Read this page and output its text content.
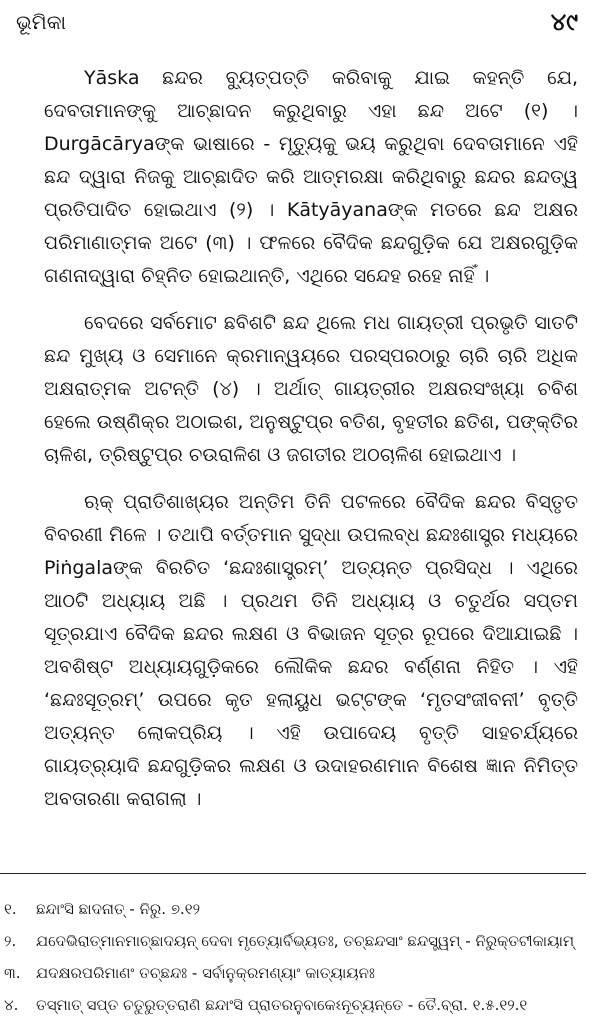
ଭୂମିକା	୪୯

Yāska ଛନ୍ଦର ବ୍ୟୁତ୍ପତ୍ତି କରିବାକୁ ଯାଇ କହନ୍ତି ଯେ, ଦେବତାମାନଙ୍କୁ ଆଚ୍ଛାଦନ କରୁଥିବାରୁ ଏହା ଛନ୍ଦ ଅଟେ (୧) । Durgācāryaଙ୍କ ଭାଷାରେ - ମୃତ୍ୟୁକୁ ଭୟ କରୁଥିବା ଦେବତାମାନେ ଏହି ଛନ୍ଦ ଦ୍ୱାରା ନିଜକୁ ଆଚ୍ଛାଦିତ କରି ଆତ୍ମରକ୍ଷା କରିଥିବାରୁ ଛନ୍ଦର ଛନ୍ଦତ୍ୱ ପ୍ରତିପାଦିତ ହୋଇଥାଏ (୨) । Kātyāyanaଙ୍କ ମତରେ ଛନ୍ଦ ଅକ୍ଷର ପରିମାଣାତ୍ମକ ଅଟେ (୩) । ଫଳରେ ବୈଦିକ ଛନ୍ଦଗୁଡ଼ିକ ଯେ ଅକ୍ଷରଗୁଡ଼ିକ ଗଣନାଦ୍ୱାରା ଚିହ୍ନିତ ହୋଇଥାନ୍ତି, ଏଥିରେ ସନ୍ଦେହ ରହେ ନାହିଁ ।

ବେଦରେ ସର୍ବମୋଟ ଛବିଶଟି ଛନ୍ଦ ଥିଲେ ମଧ ଗାୟତ୍ରୀ ପ୍ରଭୃତି ସାତଟି ଛନ୍ଦ ମୁଖ୍ୟ ଓ ସେମାନେ କ୍ରମାନ୍ୱୟରେ ପରସ୍ପରଠାରୁ ଚାରି ଚାରି ଅଧିକ ଅକ୍ଷରାତ୍ମକ ଅଟନ୍ତି (୪) । ଅର୍ଥାତ୍ ଗାୟତ୍ରୀର ଅକ୍ଷରସଂଖ୍ୟା ଚବିଶ ହେଲେ ଉଷ୍ଣିକ୍‌ର ଅଠାଇଶ, ଅନୁଷ୍ଟୁପ୍‌ର ବତିଶ, ବୃହତୀର ଛତିଶ, ପଙ୍‌କ୍ତିର ଚାଳିଶ, ତ୍ରିଷ୍ଟୁପ୍‌ର ଚଉରାଳିଶ ଓ ଜଗତୀର ଅଠଚାଳିଶ ହୋଇଥାଏ ।

ଋକ୍ ପ୍ରାତିଶାଖ୍ୟର ଅନ୍ତିମ ତିନି ପଟଳରେ ବୈଦିକ ଛନ୍ଦର ବିସ୍ତୃତ ବିବରଣୀ ମିଳେ । ତଥାପି ବର୍ତ୍ତମାନ ସୁଦ୍ଧା ଉପଲବ୍ଧ ଛନ୍ଦଃଶାସ୍ତ୍ର ମଧ୍ୟରେ Piṅgalaଙ୍କ ବିରଚିତ ‘ଛନ୍ଦଃଶାସ୍ତ୍ରମ୍’ ଅତ୍ୟନ୍ତ ପ୍ରସିଦ୍ଧ । ଏଥିରେ ଆଠଟି ଅଧ୍ୟାୟ ଅଛି । ପ୍ରଥମ ତିନି ଅଧ୍ୟାୟ ଓ ଚତୁର୍ଥର ସପ୍ତମ ସୂତ୍ରଯାଏ ବୈଦିକ ଛନ୍ଦର ଲକ୍ଷଣ ଓ ବିଭାଜନ ସୂତ୍ର ରୂପରେ ଦିଆଯାଇଛି । ଅବଶିଷ୍ଟ ଅଧ୍ୟାୟଗୁଡ଼ିକରେ ଲୌକିକ ଛନ୍ଦର ବର୍ଣ୍ଣନା ନିହିତ । ଏହି ‘ଛନ୍ଦଃସୂତ୍ରମ୍’ ଉପରେ କୃତ ହଲାୟୁଧ ଭଟ୍ଟଙ୍କ ‘ମୃତସଂଜୀବନୀ’ ବୃତ୍ତି ଅତ୍ୟନ୍ତ ଲୋକପ୍ରିୟ । ଏହି ଉପାଦେୟ ବୃତ୍ତି ସାହଚର୍ଯ୍ୟରେ ଗାୟତ୍ର୍ୟାଦି ଛନ୍ଦଗୁଡ଼ିକର ଲକ୍ଷଣ ଓ ଉଦାହରଣମାନ ବିଶେଷ ଜ୍ଞାନ ନିମିତ୍ତ ଅବତାରଣା କରାଗଲା ।

୧.	ଛନ୍ଦାଂସି ଛାଦନାତ୍ - ନିରୁ. ୭.୧୨
୨.	ଯଦେଭିରାତ୍ମାନମାଚ୍ଛାଦୟନ୍ ଦେବା ମୃତ୍ୟୋର୍ବିଭ୍ୟତଃ, ତଚ୍ଛନ୍ଦସାଂ ଛନ୍ଦସ୍ତ୍ୱମ୍ - ନିରୁକ୍ତଟୀକାୟାମ୍
୩.	ଯଦକ୍ଷରପରିମାଣଂ ତଚ୍ଛନ୍ଦଃ - ସର୍ବାନୁକ୍ରମଣ୍ୟାଂ କାତ୍ୟାୟନଃ
୪.	ତସ୍ମାତ୍ ସପ୍ତ ଚତୁରୁତ୍ତରାଣି ଛନ୍ଦାଂସି ପ୍ରାତରନୁବାକେଽନୂଚ୍ୟନ୍ତେ - ତୈ.ବ୍ରା. ୧.୫.୧୨.୧
